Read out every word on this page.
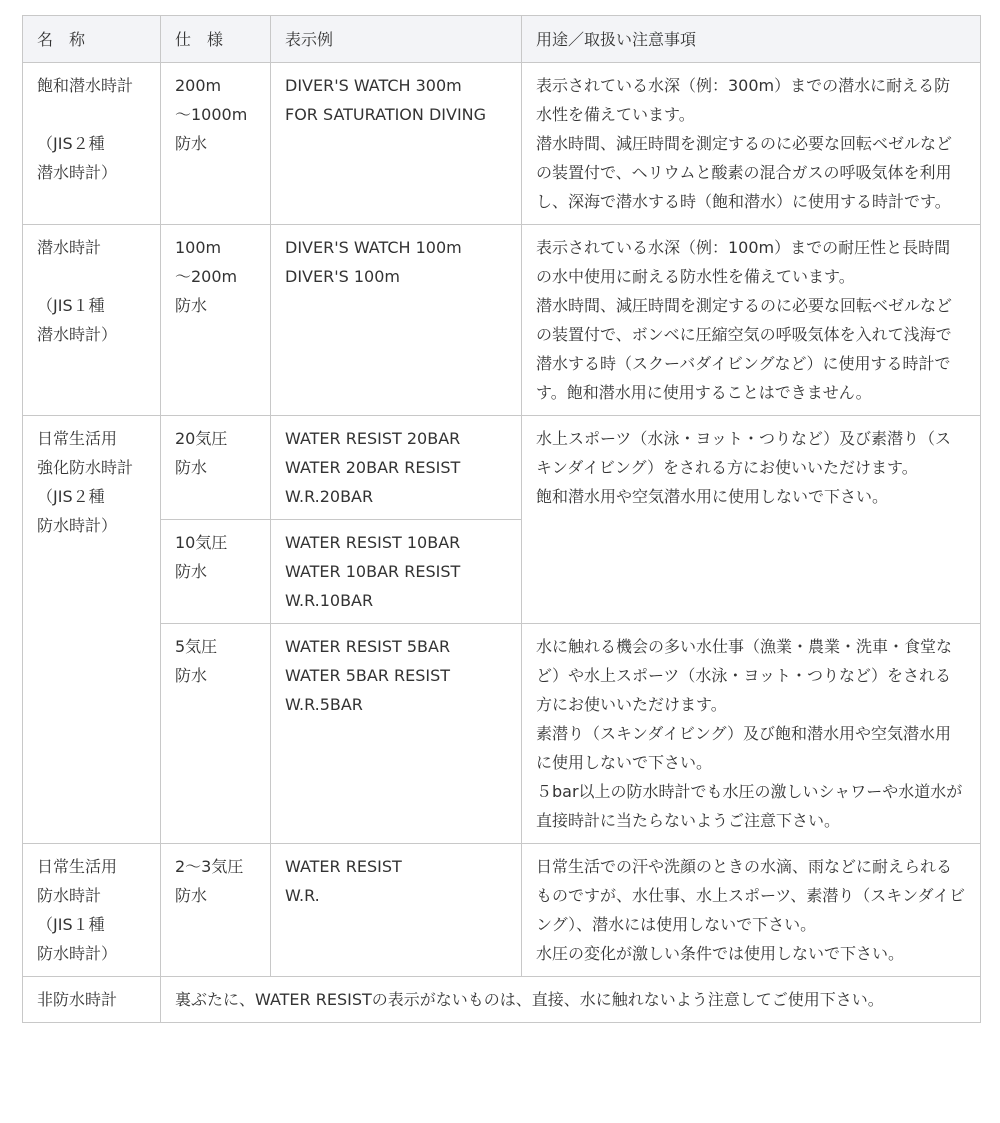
名　称	仕　様	表示例	用途／取扱い注意事項

飽和潜水時計
（JIS２種
潜水時計）	200m
〜1000m
防水	DIVER'S WATCH 300m
FOR SATURATION DIVING	表示されている水深（例：300m）までの潜水に耐える防水性を備えています。
潜水時間、減圧時間を測定するのに必要な回転ベゼルなどの装置付で、ヘリウムと酸素の混合ガスの呼吸気体を利用し、深海で潜水する時（飽和潜水）に使用する時計です。

潜水時計
（JIS１種
潜水時計）	100m
〜200m
防水	DIVER'S WATCH 100m
DIVER'S 100m	表示されている水深（例：100m）までの耐圧性と長時間の水中使用に耐える防水性を備えています。
潜水時間、減圧時間を測定するのに必要な回転ベゼルなどの装置付で、ボンベに圧縮空気の呼吸気体を入れて浅海で潜水する時（スクーバダイビングなど）に使用する時計です。飽和潜水用に使用することはできません。

日常生活用
強化防水時計
（JIS２種
防水時計）	20気圧
防水	WATER RESIST 20BAR
WATER 20BAR RESIST
W.R.20BAR	水上スポーツ（水泳・ヨット・つりなど）及び素潜り（スキンダイビング）をされる方にお使いいただけます。
飽和潜水用や空気潜水用に使用しないで下さい。

	10気圧
防水	WATER RESIST 10BAR
WATER 10BAR RESIST
W.R.10BAR	

	5気圧
防水	WATER RESIST 5BAR
WATER 5BAR RESIST
W.R.5BAR	水に触れる機会の多い水仕事（漁業・農業・洗車・食堂など）や水上スポーツ（水泳・ヨット・つりなど）をされる方にお使いいただけます。
素潜り（スキンダイビング）及び飽和潜水用や空気潜水用に使用しないで下さい。
５bar以上の防水時計でも水圧の激しいシャワーや水道水が直接時計に当たらないようご注意下さい。

日常生活用
防水時計
（JIS１種
防水時計）	2〜3気圧
防水	WATER RESIST
W.R.	日常生活での汗や洗顔のときの水滴、雨などに耐えられるものですが、水仕事、水上スポーツ、素潜り（スキンダイビング）、潜水には使用しないで下さい。
水圧の変化が激しい条件では使用しないで下さい。

非防水時計	裏ぶたに、WATER RESISTの表示がないものは、直接、水に触れないよう注意してご使用下さい。		
